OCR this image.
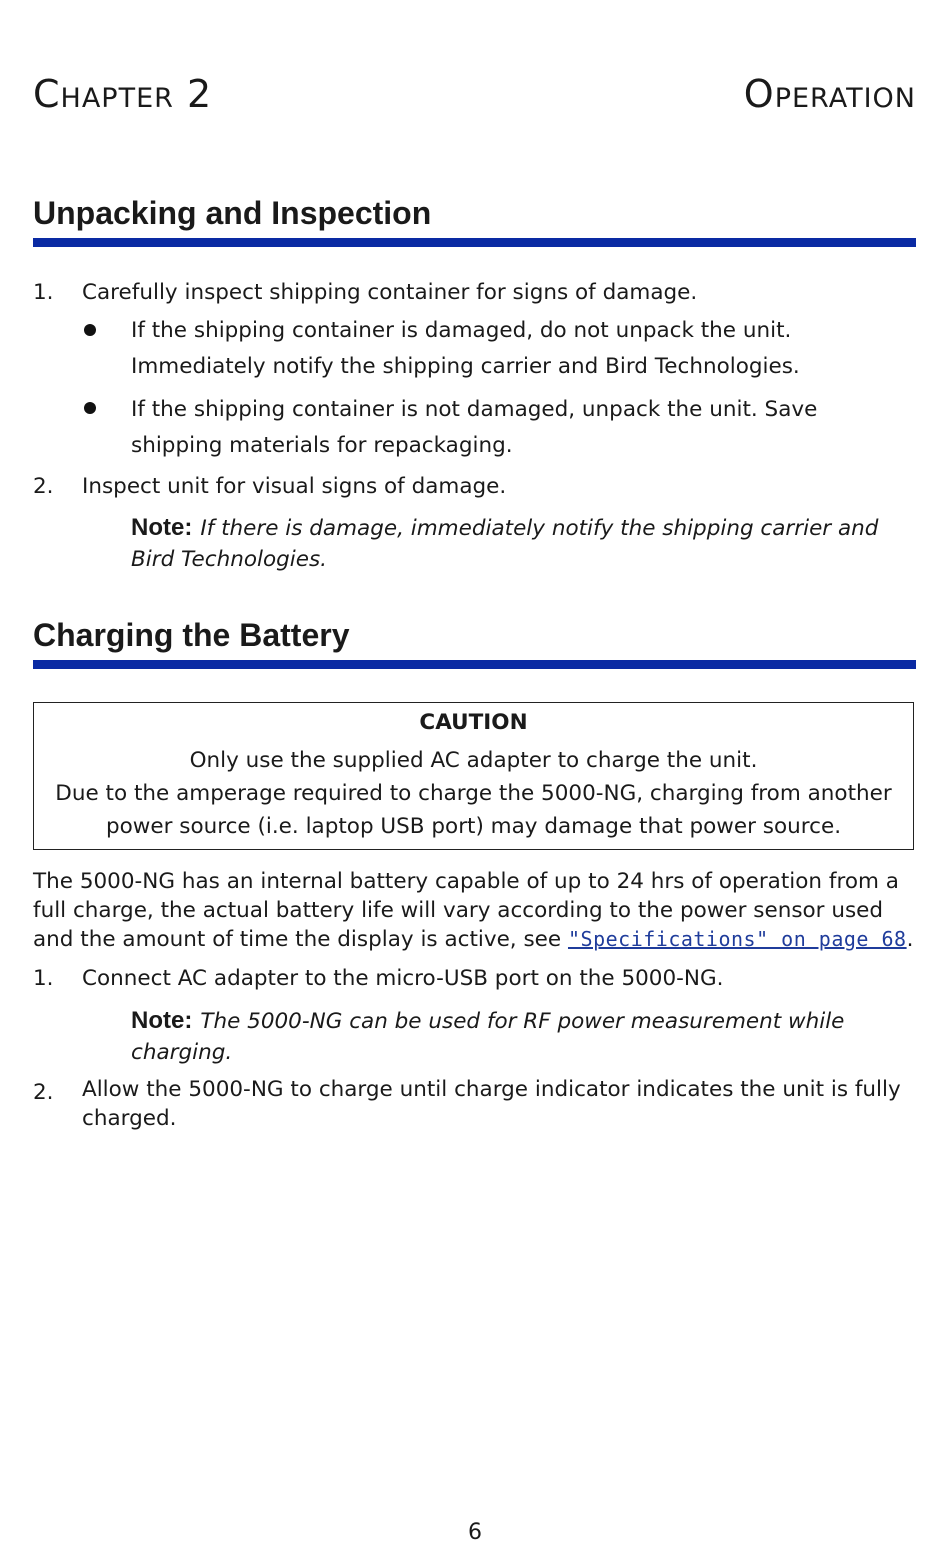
Chapter 2	Operation
Unpacking and Inspection
1. Carefully inspect shipping container for signs of damage.
If the shipping container is damaged, do not unpack the unit.
Immediately notify the shipping carrier and Bird Technologies.
If the shipping container is not damaged, unpack the unit. Save
shipping materials for repackaging.
2. Inspect unit for visual signs of damage.
Note: If there is damage, immediately notify the shipping carrier and
Bird Technologies.
Charging the Battery
CAUTION
Only use the supplied AC adapter to charge the unit.
Due to the amperage required to charge the 5000-NG, charging from another
power source (i.e. laptop USB port) may damage that power source.
The 5000-NG has an internal battery capable of up to 24 hrs of operation from a
full charge, the actual battery life will vary according to the power sensor used
and the amount of time the display is active, see "Specifications" on page 68.
1. Connect AC adapter to the micro-USB port on the 5000-NG.
Note: The 5000-NG can be used for RF power measurement while
charging.
2. Allow the 5000-NG to charge until charge indicator indicates the unit is fully
charged.
6
